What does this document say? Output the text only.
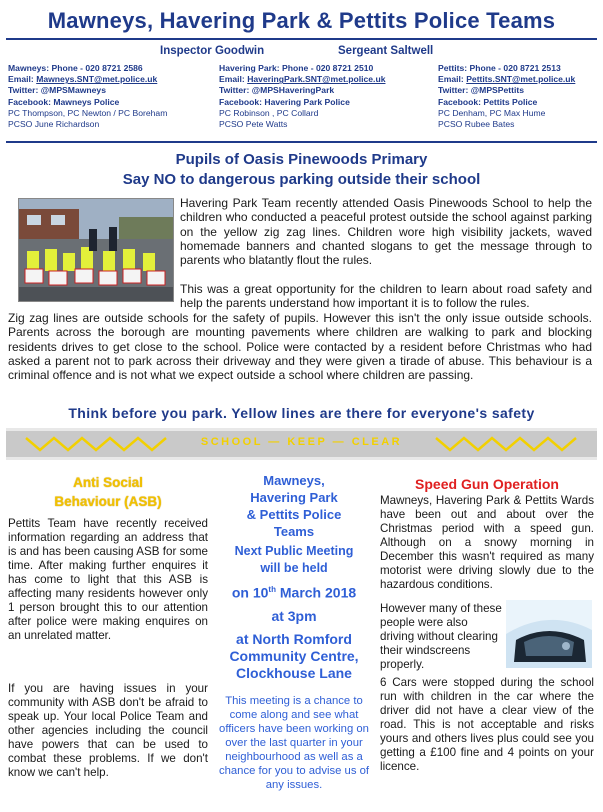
Mawneys, Havering Park & Pettits Police Teams
Inspector Goodwin	Sergeant Saltwell
Mawneys: Phone - 020 8721 2586
Email: Mawneys.SNT@met.police.uk
Twitter: @MPSMawneys
Facebook: Mawneys Police
PC Thompson, PC Newton / PC Boreham
PCSO June Richardson
Havering Park: Phone - 020 8721 2510
Email: HaveringPark.SNT@met.police.uk
Twitter: @MPSHaveringPark
Facebook: Havering Park Police
PC Robinson , PC Collard
PCSO Pete Watts
Pettits: Phone - 020 8721 2513
Email: Pettits.SNT@met.police.uk
Twitter: @MPSPettits
Facebook: Pettits Police
PC Denham, PC Max Hume
PCSO Rubee Bates
Pupils of Oasis Pinewoods Primary
Say NO to dangerous parking outside their school
Havering Park Team recently attended Oasis Pinewoods School to help the children who conducted a peaceful protest outside the school against parking on the yellow zig zag lines. Children wore high visibility jackets, waved homemade banners and chanted slogans to get the message through to parents who blatantly flout the rules.
This was a great opportunity for the children to learn about road safety and help the parents understand how important it is to follow the rules.
Zig zag lines are outside schools for the safety of pupils. However this isn't the only issue outside schools. Parents across the borough are mounting pavements where children are walking to park and blocking residents drives to get close to the school. Police were contacted by a resident before Christmas who had asked a parent not to park across their driveway and they were given a tirade of abuse. This behaviour is a criminal offence and is not what we expect outside a school where children are passing.
Think before you park. Yellow lines are there for everyone's safety
SCHOOL — KEEP — CLEAR
Anti Social
Behaviour (ASB)
Pettits Team have recently received information regarding an address that is and has been causing ASB for some time. After making further enquires it has come to light that this ASB is affecting many residents however only 1 person brought this to our attention after police were making enquires on an unrelated matter.
If you are having issues in your community with ASB don't be afraid to speak up. Your local Police Team and other agencies including the council have powers that can be used to combat these problems. If we don't know we can't help.
Mawneys,
Havering Park
& Pettits Police
Teams
Next Public Meeting
will be held
on 10th March 2018
at 3pm
at North Romford
Community Centre,
Clockhouse Lane
This meeting is a chance to come along and see what officers have been working on over the last quarter in your neighbourhood as well as a chance for you to advise us of any issues.
Speed Gun Operation
Mawneys, Havering Park & Pettits Wards have been out and about over the Christmas period with a speed gun. Although on a snowy morning in December this wasn't required as many motorist were driving slowly due to the hazardous conditions.
However many of these people were also driving without clearing their windscreens properly.
6 Cars were stopped during the school run with children in the car where the driver did not have a clear view of the road. This is not acceptable and risks yours and others lives plus could see you getting a £100 fine and 4 points on your licence.
